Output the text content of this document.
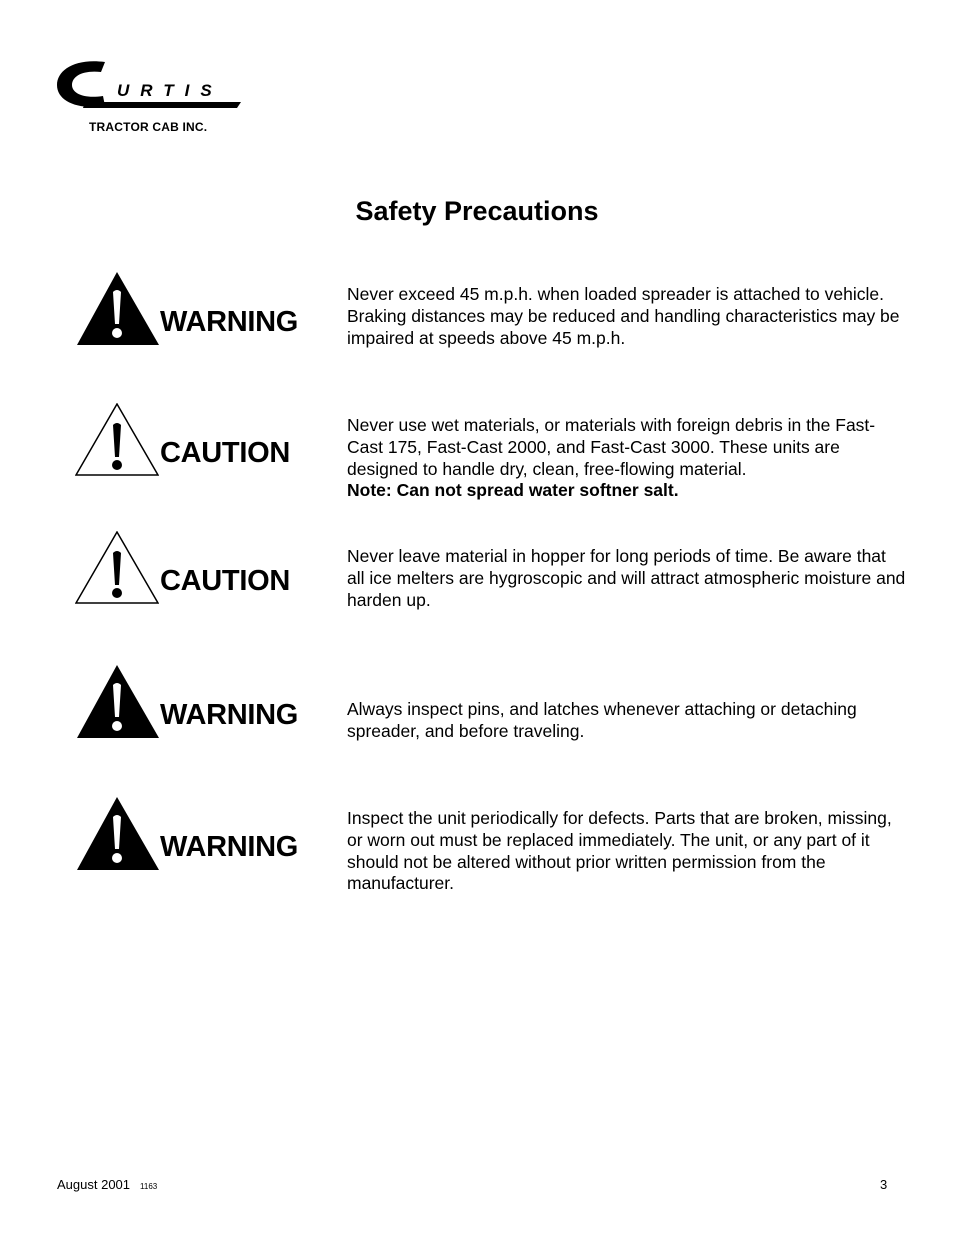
URTIS
TRACTOR CAB INC.
Safety Precautions
WARNING

Never exceed 45 m.p.h. when loaded spreader is attached to vehicle. Braking distances may be reduced and handling characteristics may be impaired at speeds above 45 m.p.h.

CAUTION

Never use wet materials, or materials with foreign debris in the Fast-Cast 175, Fast-Cast 2000, and Fast-Cast 3000. These units are designed to handle dry, clean, free-flowing material.

Note: Can not spread water softner salt.

CAUTION

Never leave material in hopper for long periods of time. Be aware that all ice melters are hygroscopic and will attract atmospheric moisture and harden up.

WARNING	Always inspect pins, and latches whenever attaching or detaching spreader, and before traveling.

WARNING

Inspect the unit periodically for defects. Parts that are broken, missing, or worn out must be replaced immediately. The unit, or any part of it should not be altered without prior written permission from the manufacturer.

August 2001 1163	3
